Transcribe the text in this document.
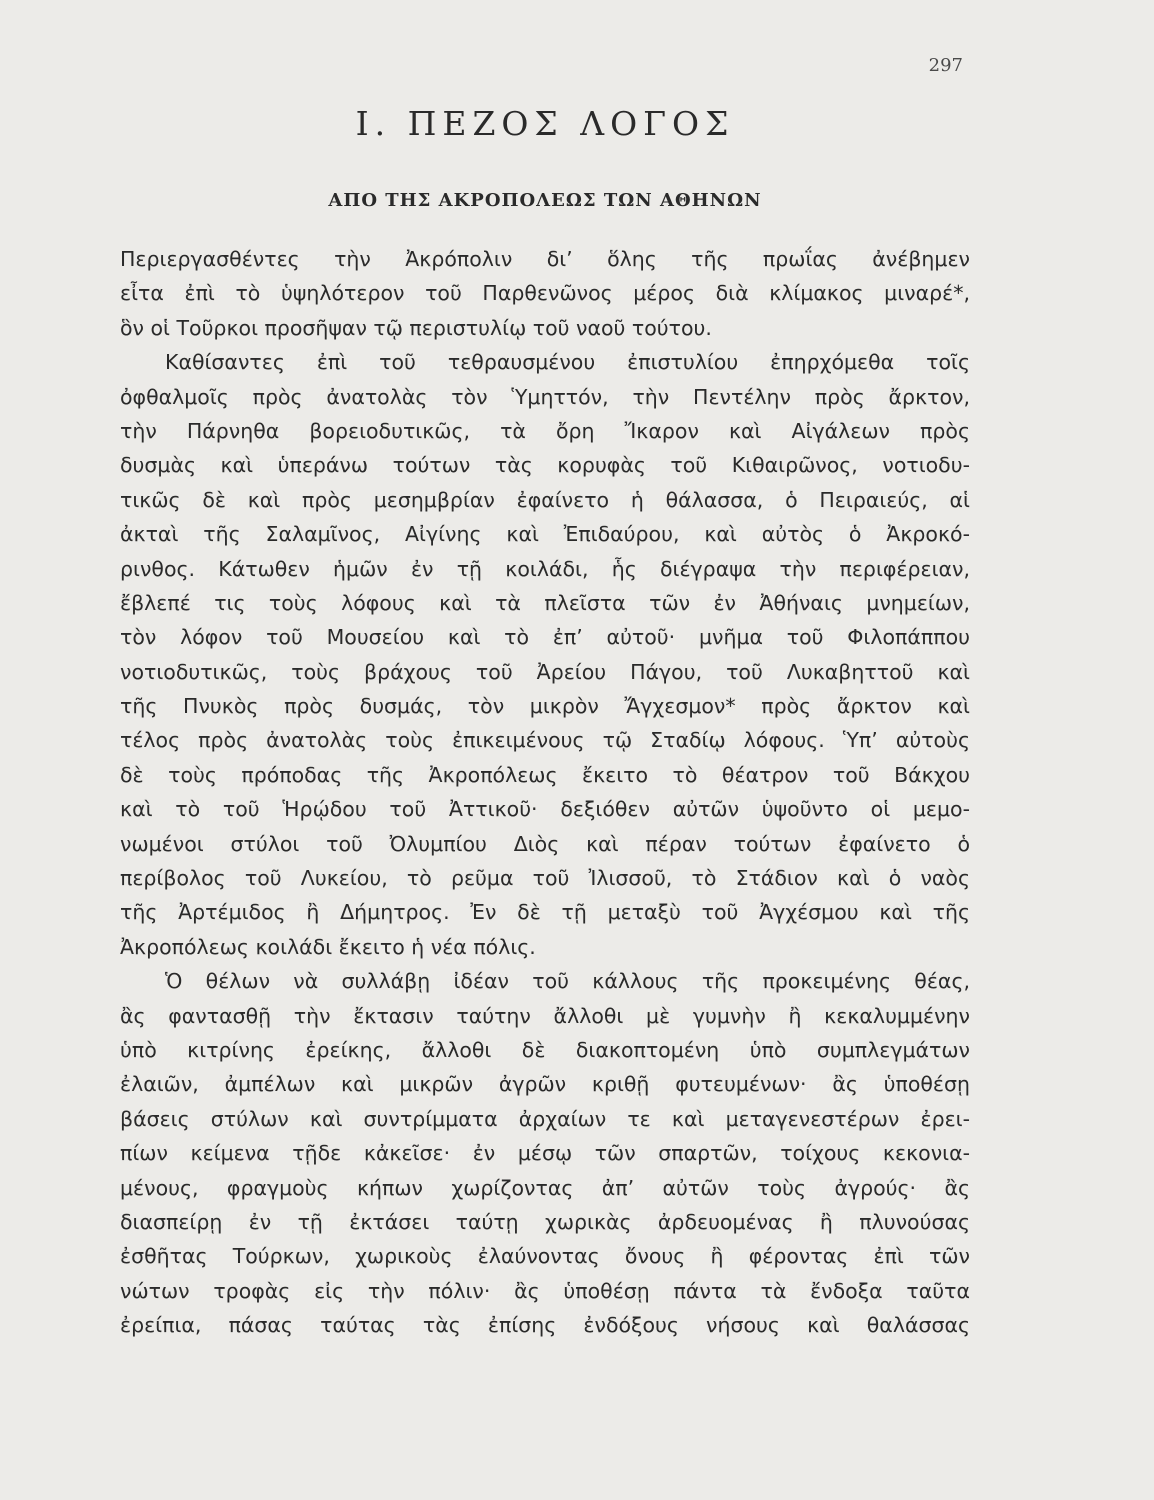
297
I. ΠΕΖΟΣ ΛΟΓΟΣ
ΑΠΟ ΤΗΣ ΑΚΡΟΠΟΛΕΩΣ ΤΩΝ ΑΘΗΝΩΝ
Περιεργασθέντες τὴν Ἀκρόπολιν δι’ ὅλης τῆς πρωΐας ἀνέβημεν
εἶτα ἐπὶ τὸ ὑψηλότερον τοῦ Παρθενῶνος μέρος διὰ κλίμακος μιναρέ*,
ὃν οἱ Τοῦρκοι προσῆψαν τῷ περιστυλίῳ τοῦ ναοῦ τούτου.
Καθίσαντες ἐπὶ τοῦ τεθραυσμένου ἐπιστυλίου ἐπηρχόμεθα τοῖς
ὀφθαλμοῖς πρὸς ἀνατολὰς τὸν Ὑμηττόν, τὴν Πεντέλην πρὸς ἄρκτον,
τὴν Πάρνηθα βορειοδυτικῶς, τὰ ὄρη Ἴκαρον καὶ Αἰγάλεων πρὸς
δυσμὰς καὶ ὑπεράνω τούτων τὰς κορυφὰς τοῦ Κιθαιρῶνος, νοτιοδυ-
τικῶς δὲ καὶ πρὸς μεσημβρίαν ἐφαίνετο ἡ θάλασσα, ὁ Πειραιεύς, αἱ
ἀκταὶ τῆς Σαλαμῖνος, Αἰγίνης καὶ Ἐπιδαύρου, καὶ αὐτὸς ὁ Ἀκροκό-
ρινθος. Κάτωθεν ἡμῶν ἐν τῇ κοιλάδι, ἧς διέγραψα τὴν περιφέρειαν,
ἔβλεπέ τις τοὺς λόφους καὶ τὰ πλεῖστα τῶν ἐν Ἀθήναις μνημείων,
τὸν λόφον τοῦ Μουσείου καὶ τὸ ἐπ’ αὐτοῦ· μνῆμα τοῦ Φιλοπάππου
νοτιοδυτικῶς, τοὺς βράχους τοῦ Ἀρείου Πάγου, τοῦ Λυκαβηττοῦ καὶ
τῆς Πνυκὸς πρὸς δυσμάς, τὸν μικρὸν Ἄγχεσμον* πρὸς ἄρκτον καὶ
τέλος πρὸς ἀνατολὰς τοὺς ἐπικειμένους τῷ Σταδίῳ λόφους. Ὑπ’ αὐτοὺς
δὲ τοὺς πρόποδας τῆς Ἀκροπόλεως ἔκειτο τὸ θέατρον τοῦ Βάκχου
καὶ τὸ τοῦ Ἡρῴδου τοῦ Ἀττικοῦ· δεξιόθεν αὐτῶν ὑψοῦντο οἱ μεμο-
νωμένοι στύλοι τοῦ Ὀλυμπίου Διὸς καὶ πέραν τούτων ἐφαίνετο ὁ
περίβολος τοῦ Λυκείου, τὸ ρεῦμα τοῦ Ἰλισσοῦ, τὸ Στάδιον καὶ ὁ ναὸς
τῆς Ἀρτέμιδος ἢ Δήμητρος. Ἐν δὲ τῇ μεταξὺ τοῦ Ἀγχέσμου καὶ τῆς
Ἀκροπόλεως κοιλάδι ἔκειτο ἡ νέα πόλις.
Ὁ θέλων νὰ συλλάβῃ ἰδέαν τοῦ κάλλους τῆς προκειμένης θέας,
ἂς φαντασθῇ τὴν ἔκτασιν ταύτην ἄλλοθι μὲ γυμνὴν ἢ κεκαλυμμένην
ὑπὸ κιτρίνης ἐρείκης, ἄλλοθι δὲ διακοπτομένη ὑπὸ συμπλεγμάτων
ἐλαιῶν, ἀμπέλων καὶ μικρῶν ἀγρῶν κριθῇ φυτευμένων· ἂς ὑποθέσῃ
βάσεις στύλων καὶ συντρίμματα ἀρχαίων τε καὶ μεταγενεστέρων ἐρει-
πίων κείμενα τῇδε κἀκεῖσε· ἐν μέσῳ τῶν σπαρτῶν, τοίχους κεκονια-
μένους, φραγμοὺς κήπων χωρίζοντας ἀπ’ αὐτῶν τοὺς ἀγρούς· ἂς
διασπείρῃ ἐν τῇ ἐκτάσει ταύτῃ χωρικὰς ἀρδευομένας ἢ πλυνούσας
ἐσθῆτας Τούρκων, χωρικοὺς ἐλαύνοντας ὄνους ἢ φέροντας ἐπὶ τῶν
νώτων τροφὰς εἰς τὴν πόλιν· ἂς ὑποθέσῃ πάντα τὰ ἔνδοξα ταῦτα
ἐρείπια, πάσας ταύτας τὰς ἐπίσης ἐνδόξους νήσους καὶ θαλάσσας
